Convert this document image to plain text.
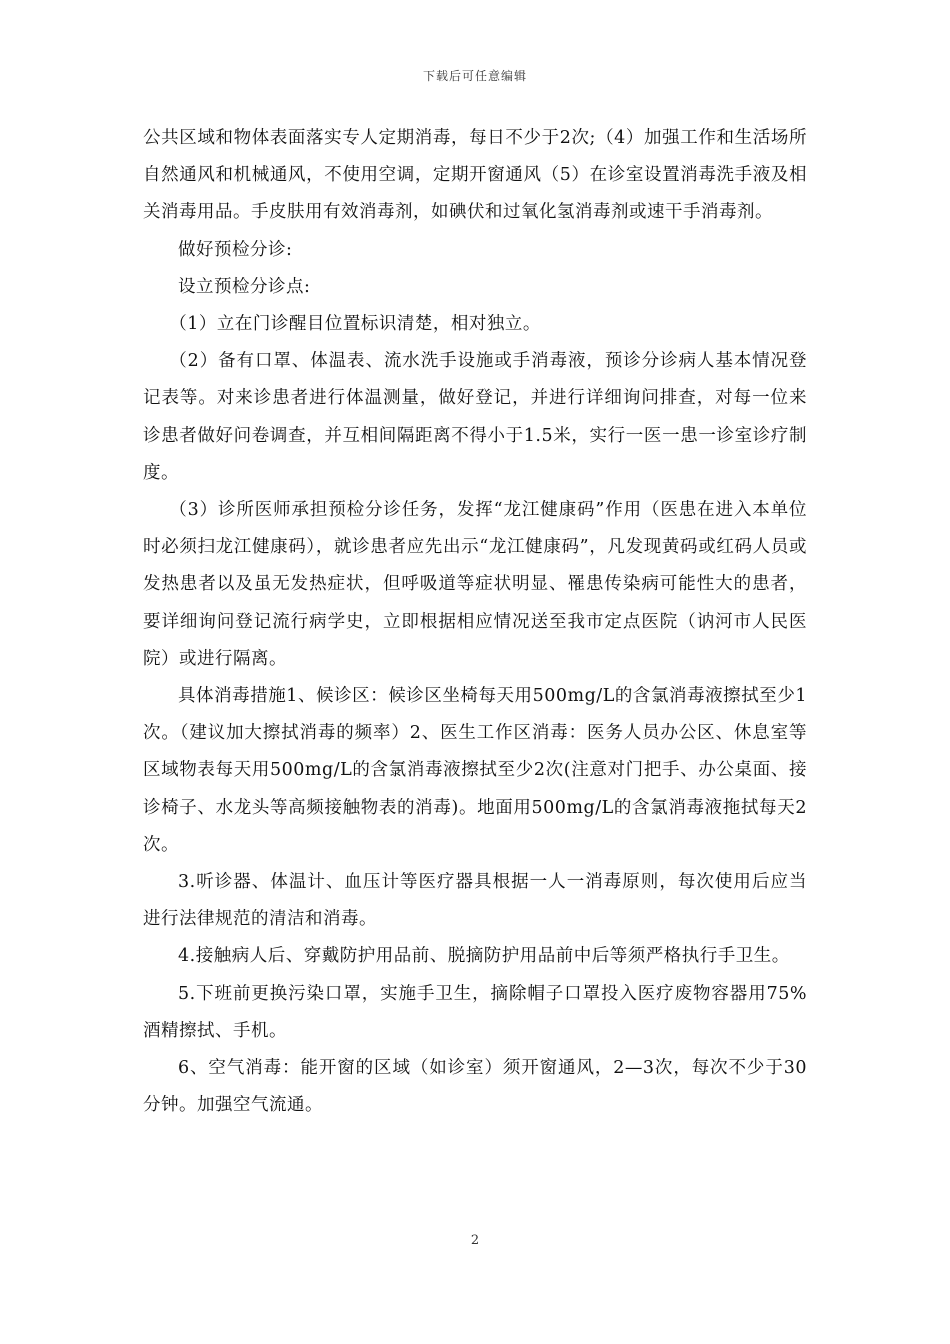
下载后可任意编辑

公共区域和物体表面落实专人定期消毒，每日不少于2次;（4）加强工作和生活场所自然通风和机械通风，不使用空调，定期开窗通风（5）在诊室设置消毒洗手液及相关消毒用品。手皮肤用有效消毒剂，如碘伏和过氧化氢消毒剂或速干手消毒剂。

做好预检分诊:

设立预检分诊点:

（1）立在门诊醒目位置标识清楚，相对独立。

（2）备有口罩、体温表、流水洗手设施或手消毒液，预诊分诊病人基本情况登记表等。对来诊患者进行体温测量，做好登记，并进行详细询问排查，对每一位来诊患者做好问卷调查，并互相间隔距离不得小于1.5米，实行一医一患一诊室诊疗制度。

（3）诊所医师承担预检分诊任务，发挥“龙江健康码”作用（医患在进入本单位时必须扫龙江健康码），就诊患者应先出示“龙江健康码”，凡发现黄码或红码人员或发热患者以及虽无发热症状，但呼吸道等症状明显、罹患传染病可能性大的患者，要详细询问登记流行病学史，立即根据相应情况送至我市定点医院（讷河市人民医院）或进行隔离。

具体消毒措施1、候诊区：候诊区坐椅每天用500mg/L的含氯消毒液擦拭至少1次。（建议加大擦拭消毒的频率）2、医生工作区消毒：医务人员办公区、休息室等区域物表每天用500mg/L的含氯消毒液擦拭至少2次(注意对门把手、办公桌面、接诊椅子、水龙头等高频接触物表的消毒)。地面用500mg/L的含氯消毒液拖拭每天2次。

3.听诊器、体温计、血压计等医疗器具根据一人一消毒原则，每次使用后应当进行法律规范的清洁和消毒。

4.接触病人后、穿戴防护用品前、脱摘防护用品前中后等须严格执行手卫生。

5.下班前更换污染口罩，实施手卫生，摘除帽子口罩投入医疗废物容器用75%酒精擦拭、手机。

6、空气消毒：能开窗的区域（如诊室）须开窗通风，2—3次，每次不少于30分钟。加强空气流通。

2
